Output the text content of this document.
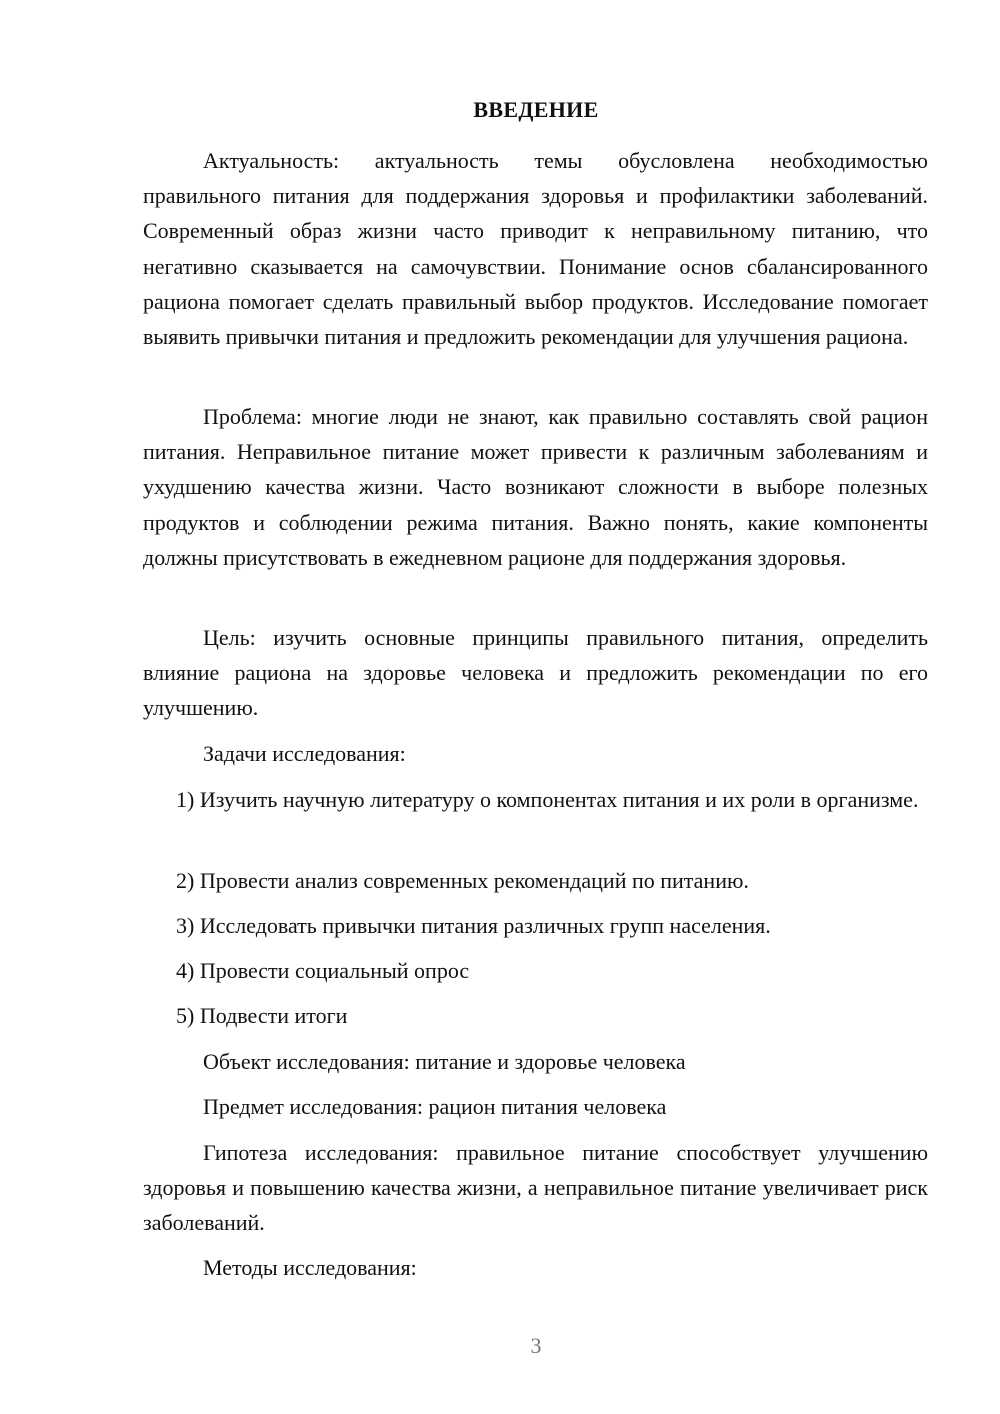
ВВЕДЕНИЕ

Актуальность: актуальность темы обусловлена необходимостью правильного питания для поддержания здоровья и профилактики заболеваний. Современный образ жизни часто приводит к неправильному питанию, что негативно сказывается на самочувствии. Понимание основ сбалансированного рациона помогает сделать правильный выбор продуктов. Исследование помогает выявить привычки питания и предложить рекомендации для улучшения рациона.

Проблема: многие люди не знают, как правильно составлять свой рацион питания. Неправильное питание может привести к различным заболеваниям и ухудшению качества жизни. Часто возникают сложности в выборе полезных продуктов и соблюдении режима питания. Важно понять, какие компоненты должны присутствовать в ежедневном рационе для поддержания здоровья.

Цель: изучить основные принципы правильного питания, определить влияние рациона на здоровье человека и предложить рекомендации по его улучшению.

Задачи исследования:

1) Изучить научную литературу о компонентах питания и их роли в организме.

2) Провести анализ современных рекомендаций по питанию.

3) Исследовать привычки питания различных групп населения.

4) Провести социальный опрос

5) Подвести итоги

Объект исследования: питание и здоровье человека

Предмет исследования: рацион питания человека

Гипотеза исследования: правильное питание способствует улучшению здоровья и повышению качества жизни, а неправильное питание увеличивает риск заболеваний.

Методы исследования:

3
